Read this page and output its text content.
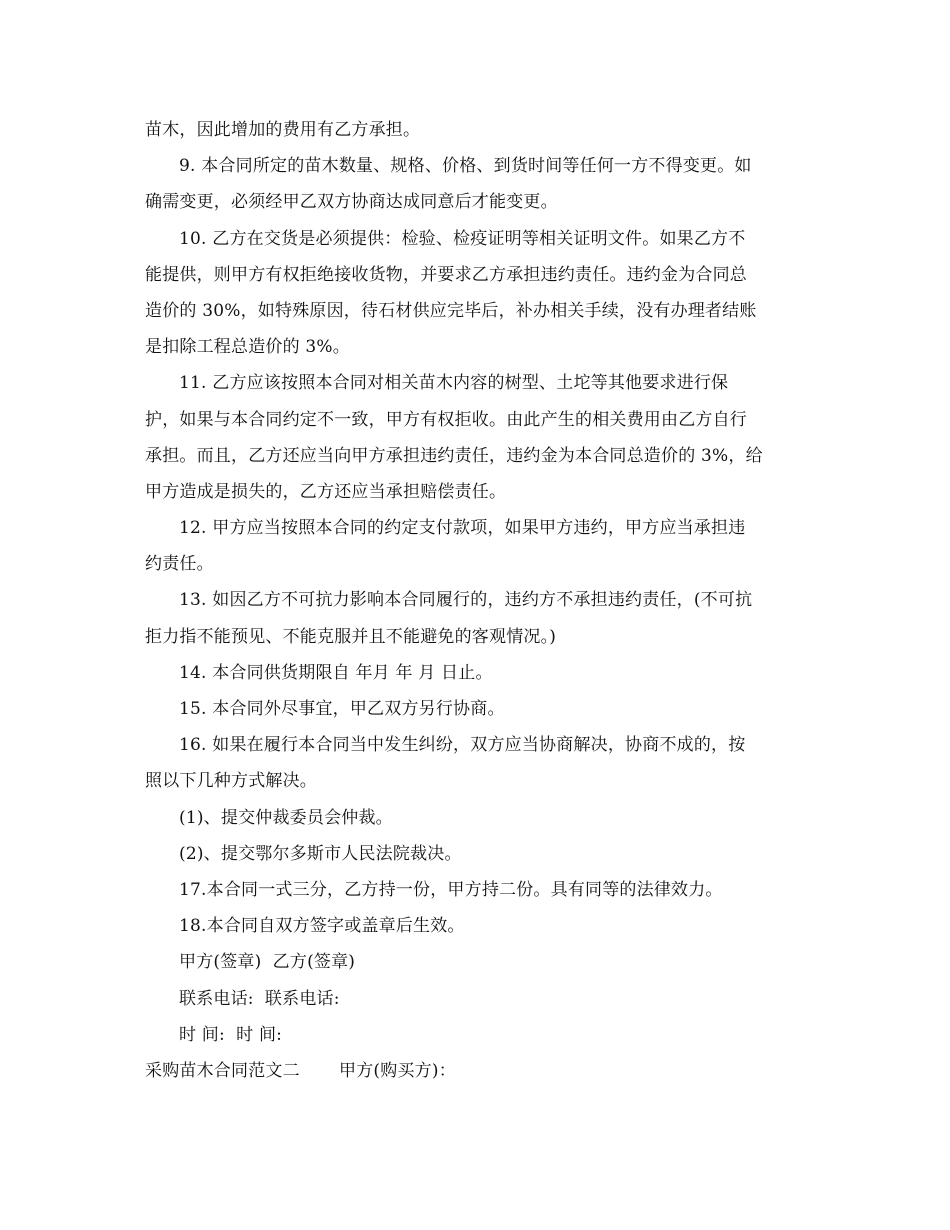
苗木，因此增加的费用有乙方承担。

9. 本合同所定的苗木数量、规格、价格、到货时间等任何一方不得变更。如

确需变更，必须经甲乙双方协商达成同意后才能变更。

10. 乙方在交货是必须提供：检验、检疫证明等相关证明文件。如果乙方不

能提供，则甲方有权拒绝接收货物，并要求乙方承担违约责任。违约金为合同总

造价的 30%，如特殊原因，待石材供应完毕后，补办相关手续，没有办理者结账

是扣除工程总造价的 3%。

11. 乙方应该按照本合同对相关苗木内容的树型、土坨等其他要求进行保

护，如果与本合同约定不一致，甲方有权拒收。由此产生的相关费用由乙方自行

承担。而且，乙方还应当向甲方承担违约责任，违约金为本合同总造价的 3%，给

甲方造成是损失的，乙方还应当承担赔偿责任。

12. 甲方应当按照本合同的约定支付款项，如果甲方违约，甲方应当承担违

约责任。

13. 如因乙方不可抗力影响本合同履行的，违约方不承担违约责任，(不可抗

拒力指不能预见、不能克服并且不能避免的客观情况。)

14. 本合同供货期限自 年月 年 月 日止。

15. 本合同外尽事宜，甲乙双方另行协商。

16. 如果在履行本合同当中发生纠纷，双方应当协商解决，协商不成的，按

照以下几种方式解决。

(1)、提交仲裁委员会仲裁。

(2)、提交鄂尔多斯市人民法院裁决。

17.本合同一式三分，乙方持一份，甲方持二份。具有同等的法律效力。

18.本合同自双方签字或盖章后生效。

甲方(签章)  乙方(签章)

联系电话:  联系电话:

时 间:  时 间:

采购苗木合同范文二       甲方(购买方)：
